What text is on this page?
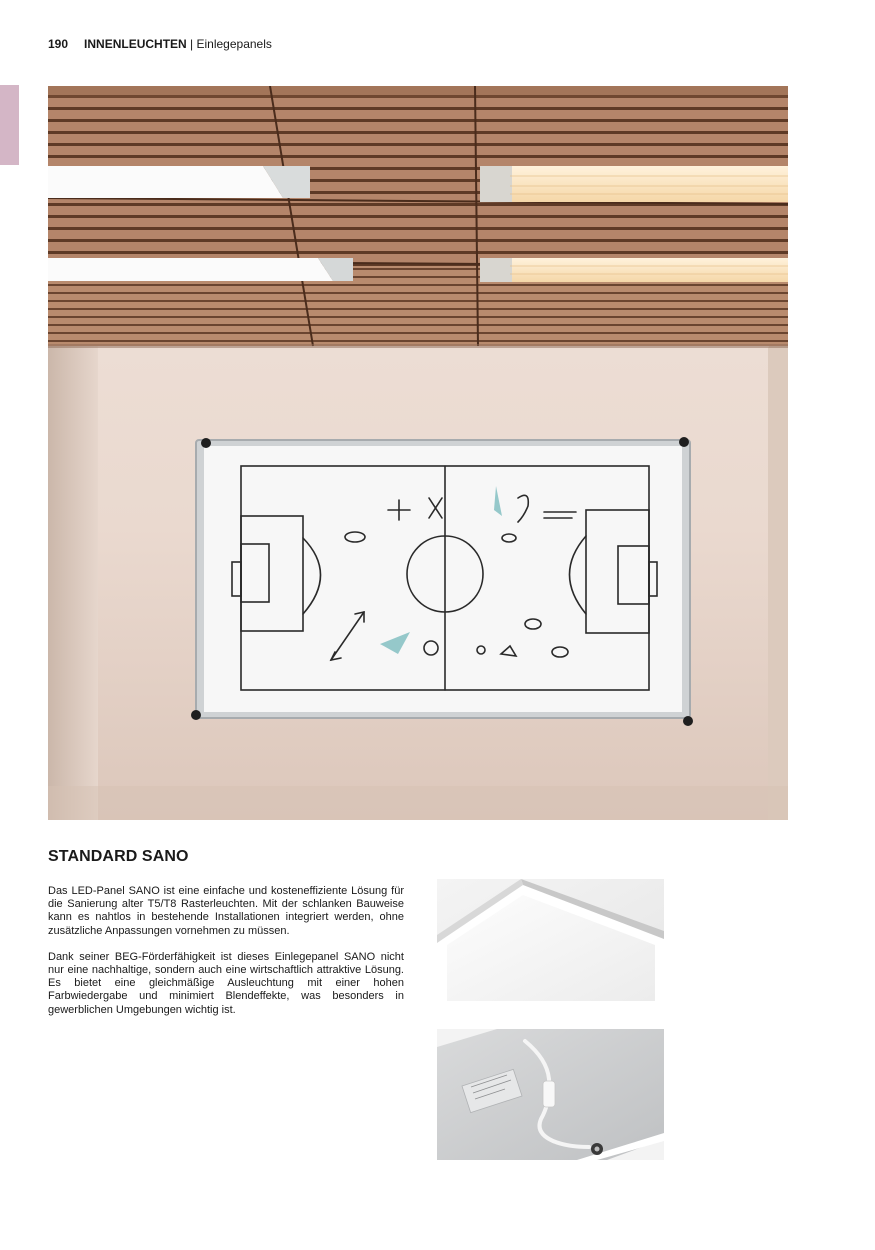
190 INNENLEUCHTEN | Einlegepanels
STANDARD SANO

Das LED-Panel SANO ist eine einfache und kosteneffiziente Lösung für die Sanierung alter T5/T8 Rasterleuchten. Mit der schlanken Bauweise kann es nahtlos in bestehende Installationen integriert werden, ohne zusätzliche Anpassungen vornehmen zu müssen.

Dank seiner BEG-Förderfähigkeit ist dieses Einlegepanel SANO nicht nur eine nachhaltige, sondern auch eine wirtschaftlich attraktive Lösung. Es bietet eine gleichmäßige Ausleuchtung mit einer hohen Farbwiedergabe und minimiert Blendeffekte, was besonders in gewerblichen Umgebungen wichtig ist.
